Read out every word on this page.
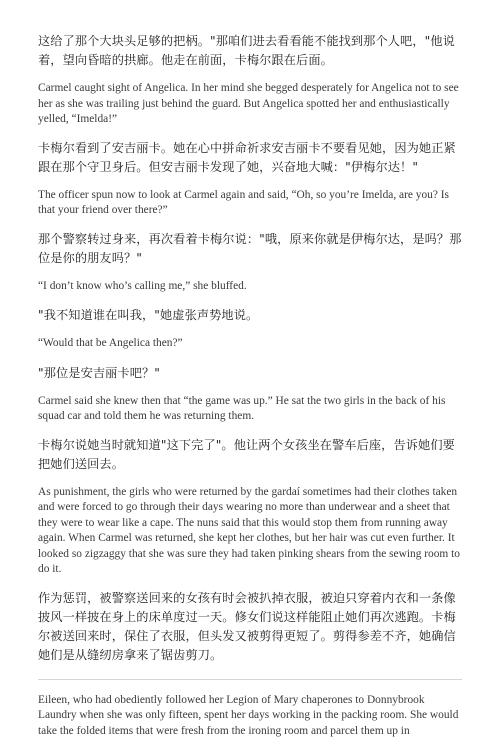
这给了那个大块头足够的把柄。"那咱们进去看看能不能找到那个人吧，"他说着，望向昏暗的拱廊。他走在前面，卡梅尔跟在后面。

Carmel caught sight of Angelica. In her mind she begged desperately for Angelica not to see her as she was trailing just behind the guard. But Angelica spotted her and enthusiastically yelled, “Imelda!”

卡梅尔看到了安吉丽卡。她在心中拼命祈求安吉丽卡不要看见她，因为她正紧跟在那个守卫身后。但安吉丽卡发现了她，兴奋地大喊："伊梅尔达！"

The officer spun now to look at Carmel again and said, “Oh, so you’re Imelda, are you? Is that your friend over there?”

那个警察转过身来，再次看着卡梅尔说："哦，原来你就是伊梅尔达，是吗？那位是你的朋友吗？"

“I don’t know who’s calling me,” she bluffed.

"我不知道谁在叫我，"她虚张声势地说。

“Would that be Angelica then?”

"那位是安吉丽卡吧？"

Carmel said she knew then that “the game was up.” He sat the two girls in the back of his squad car and told them he was returning them.

卡梅尔说她当时就知道"这下完了"。他让两个女孩坐在警车后座，告诉她们要把她们送回去。

As punishment, the girls who were returned by the gardaí sometimes had their clothes taken and were forced to go through their days wearing no more than underwear and a sheet that they were to wear like a cape. The nuns said that this would stop them from running away again. When Carmel was returned, she kept her clothes, but her hair was cut even further. It looked so zigzaggy that she was sure they had taken pinking shears from the sewing room to do it.

作为惩罚，被警察送回来的女孩有时会被扒掉衣服，被迫只穿着内衣和一条像披风一样披在身上的床单度过一天。修女们说这样能阻止她们再次逃跑。卡梅尔被送回来时，保住了衣服，但头发又被剪得更短了。剪得参差不齐，她确信她们是从缝纫房拿来了锯齿剪刀。

Eileen, who had obediently followed her Legion of Mary chaperones to Donnybrook Laundry when she was only fifteen, spent her days working in the packing room. She would take the folded items that were fresh from the ironing room and parcel them up in
